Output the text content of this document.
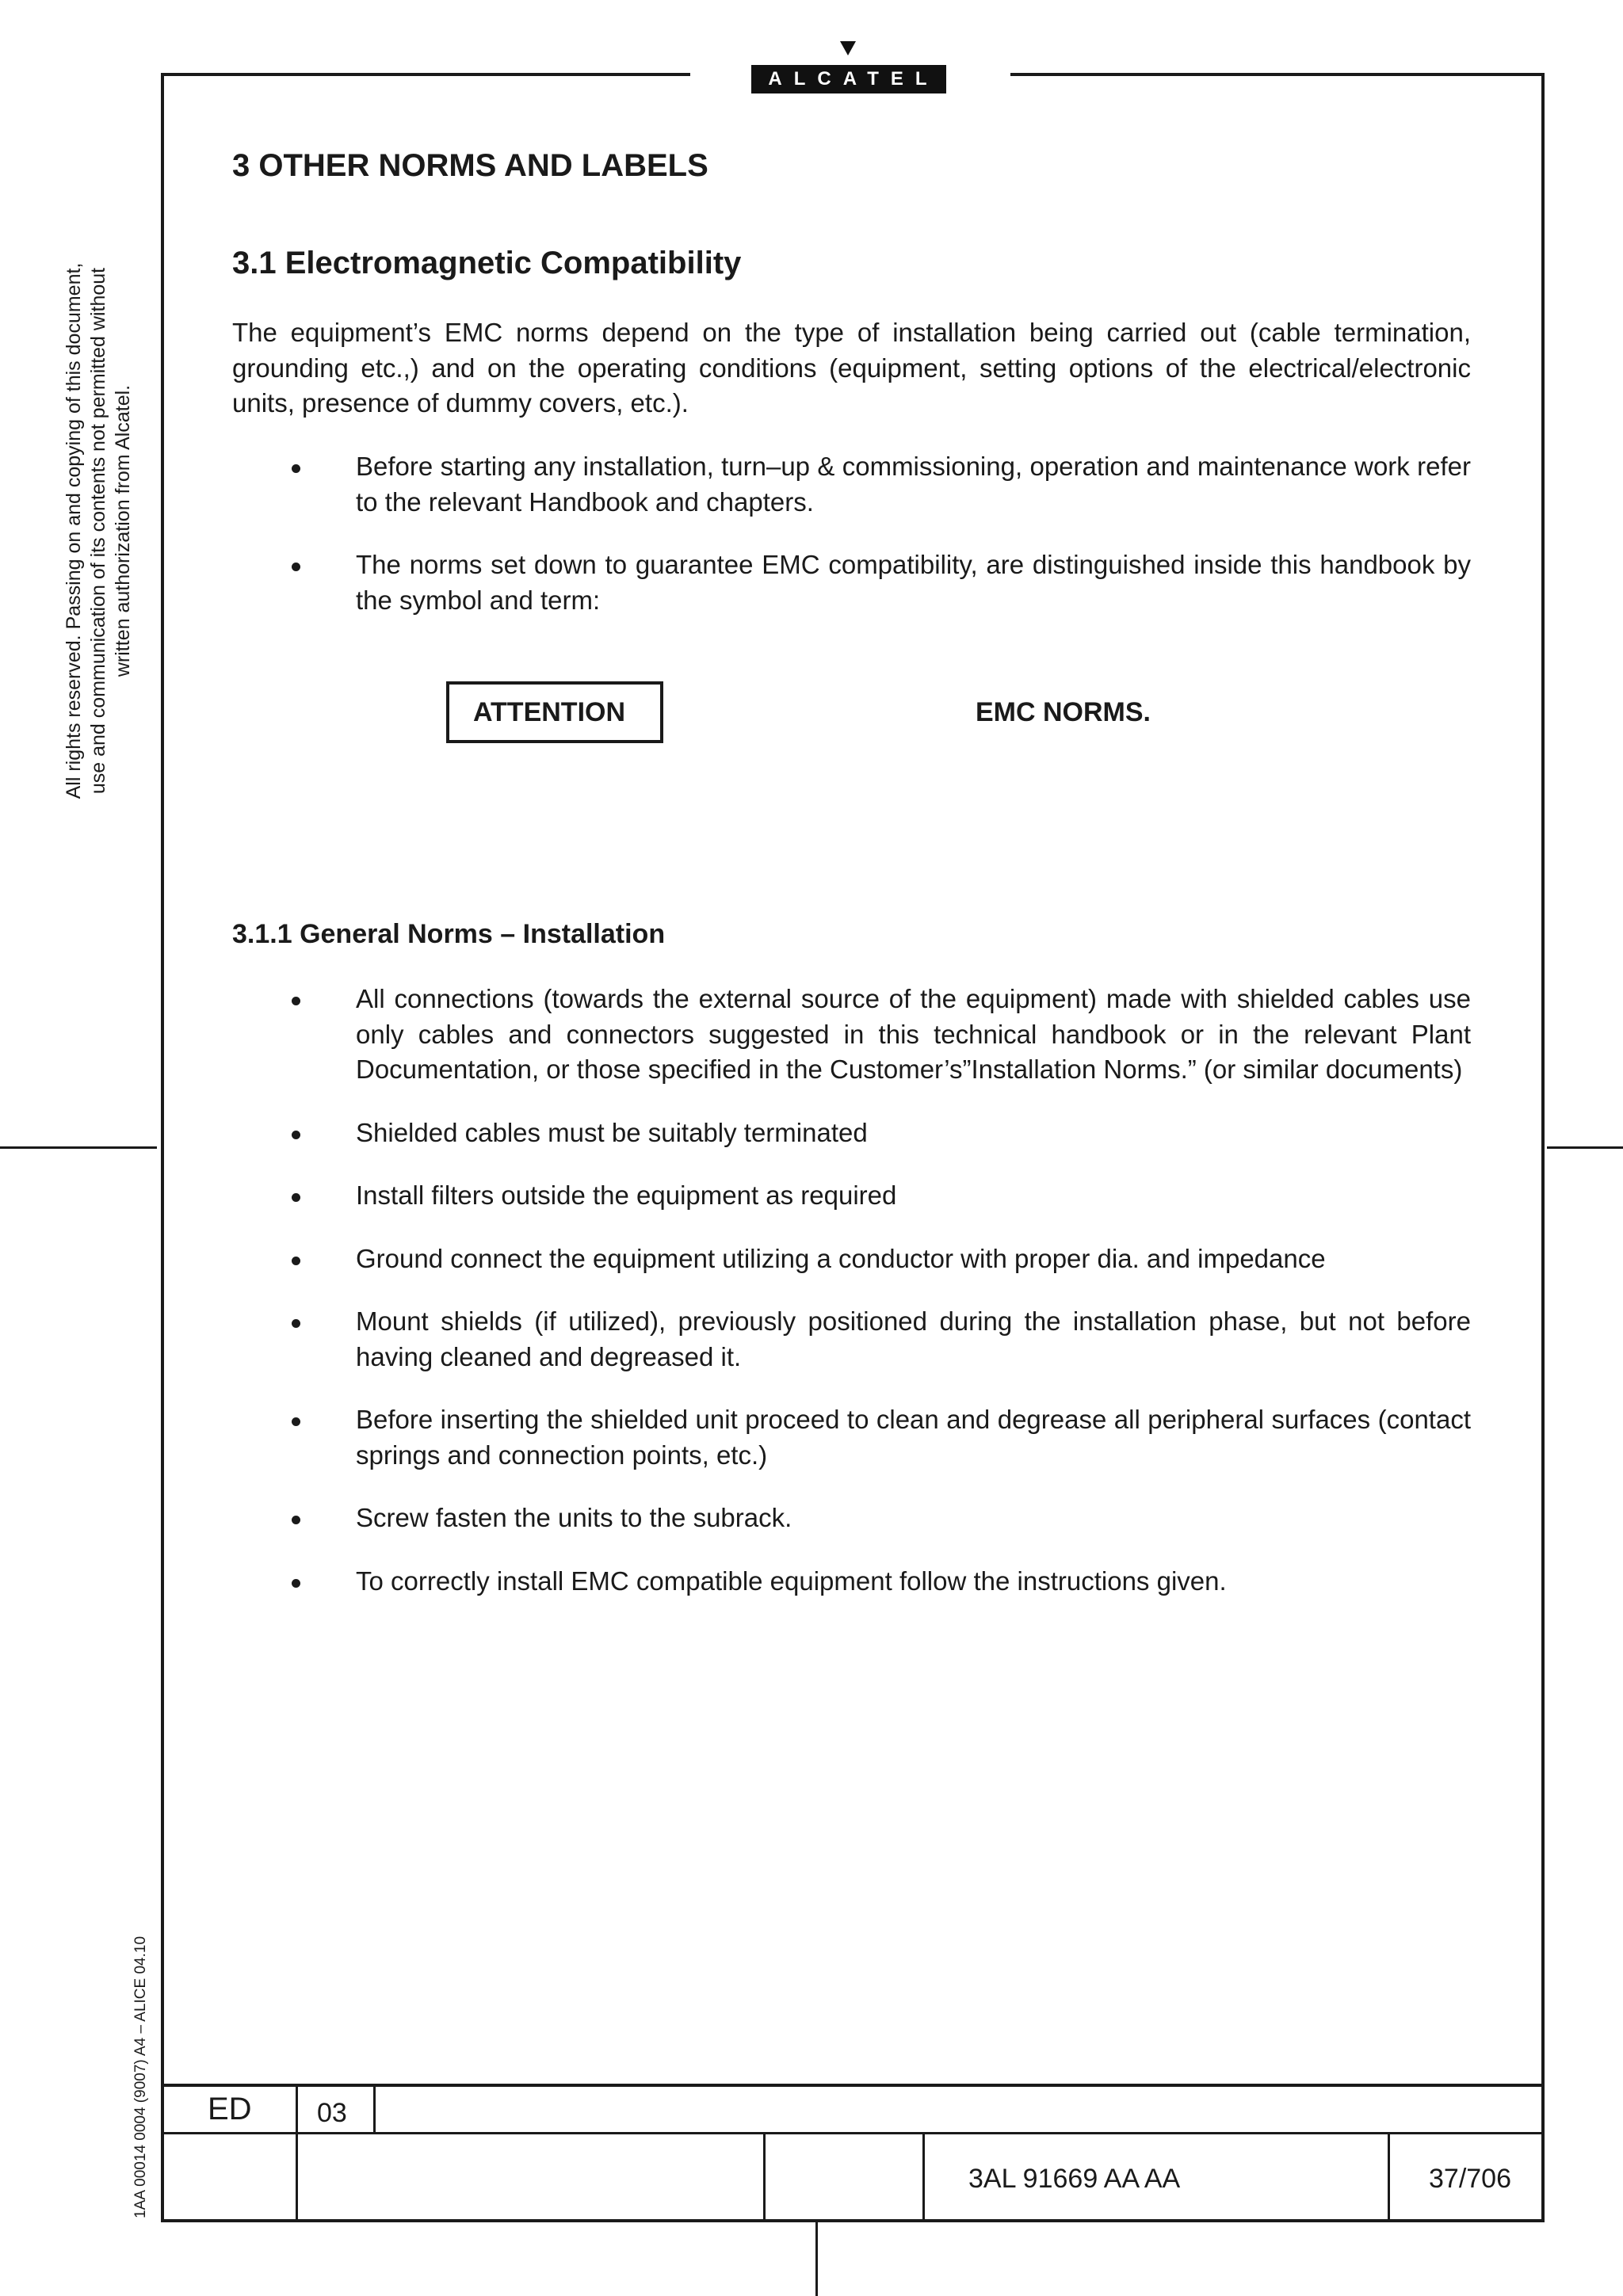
ALCATEL
All rights reserved. Passing on and copying of this document, use and communication of its contents not permitted without written authorization from Alcatel.
1AA 00014 0004 (9007) A4 – ALICE 04.10
3 OTHER NORMS AND LABELS
3.1 Electromagnetic Compatibility

The equipment’s EMC norms depend on the type of installation being carried out (cable termination, grounding etc.,) and on the operating conditions (equipment, setting options of the electrical/electronic units, presence of dummy covers, etc.).

Before starting any installation, turn–up & commissioning, operation and maintenance work refer to the relevant Handbook and chapters.
The norms set down to guarantee EMC compatibility, are distinguished inside this handbook by the symbol and term:
ATTENTION	EMC NORMS.
3.1.1 General Norms – Installation
All connections (towards the external source of the equipment) made with shielded cables use only cables and connectors suggested in this technical handbook or in the relevant Plant Documentation, or those specified in the Customer’s”Installation Norms.” (or similar documents)
Shielded cables must be suitably terminated
Install filters outside the equipment as required
Ground connect the equipment utilizing a conductor with proper dia. and impedance
Mount shields (if utilized), previously positioned during the installation phase, but not before having cleaned and degreased it.
Before inserting the shielded unit proceed to clean and degrease all peripheral surfaces (contact springs and connection points, etc.)
Screw fasten the units to the subrack.
To correctly install EMC compatible equipment follow the instructions given.
ED 03
3AL 91669 AA AA	37/706
